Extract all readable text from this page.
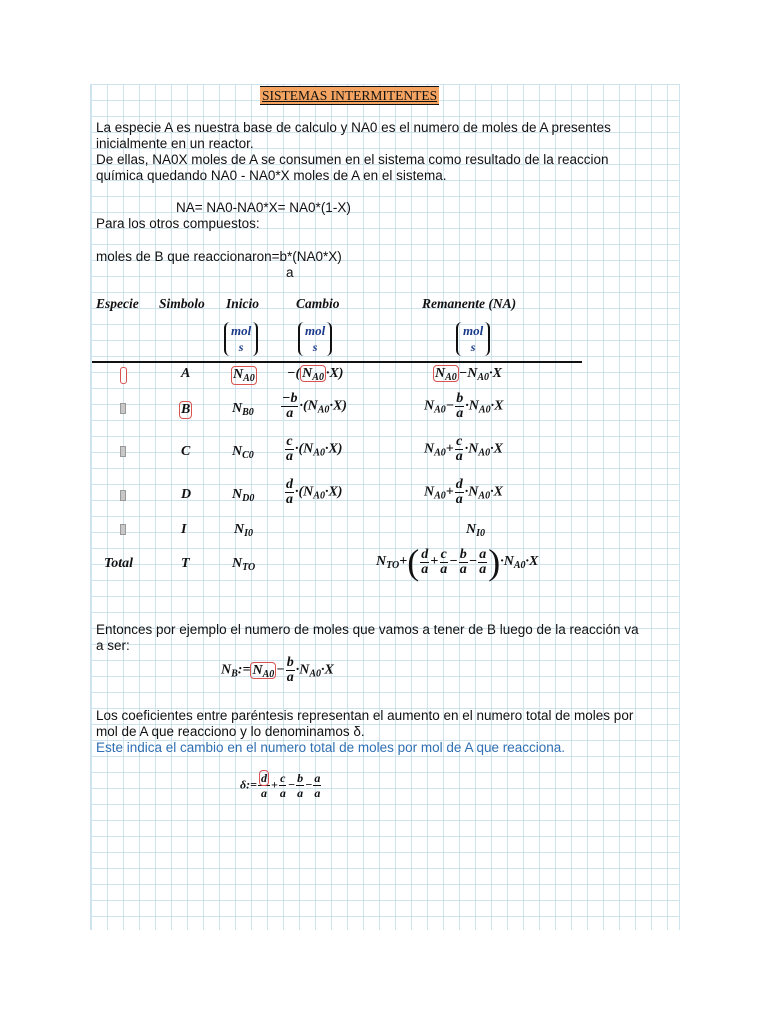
SISTEMAS INTERMITENTES
La especie A es nuestra base de calculo y NA0 es el numero de moles de A presentes
inicialmente en un reactor.
De ellas, NA0X moles de A se consumen en el sistema como resultado de la reaccion
química quedando NA0 - NA0*X moles de A en el sistema.
NA= NA0-NA0*X= NA0*(1-X)
Para los otros compuestos:
moles de B que reaccionaron=b*(NA0*X)
a
Especie Simbolo Inicio	Cambio	Remanente (NA)
mol
s
mol
s
mol
s
A
B
C
D
I
T
Total
$N_{A0}$
$N_{B0}$
$N_{C0}$
$N_{D0}$
$N_{I0}$
$N_{TO}$
−( $N_{A0} \cdot X$)
$\frac{-b}{a} \cdot(N_{A0}\cdot X)$
$\frac{c}{a} \cdot(N_{A0}\cdot X)$
$\frac{d}{a} \cdot(N_{A0}\cdot X)$
$N_{A0} -N_{A0}\cdot X$
$N_{A0}- \frac{b}{a} \cdot N_{A0}\cdot X$
$N_{A0}+ \frac{c}{a} \cdot N_{A0}\cdot X$
$N_{A0}+ \frac{d}{a} \cdot N_{A0}\cdot X$
$N_{I0}$
$N_{TO}+( \frac{d}{a} + \frac{c}{a} - \frac{b}{a} - \frac{a}{a} )\cdot N_{A0}\cdot X$
Entonces por ejemplo el numero de moles que vamos a tener de B luego de la reacción va
a ser:
$N_B:= N_{A0} - \frac{b}{a} \cdot N_{A0}\cdot X$
Los coeficientes entre paréntesis representan el aumento en el numero total de moles por
mol de A que reacciono y lo denominamos δ.
Este indica el cambio en el numero total de moles por mol de A que reacciona.
δ:= $\frac{d}{a} + \frac{c}{a} - \frac{b}{a} - \frac{a}{a}$
